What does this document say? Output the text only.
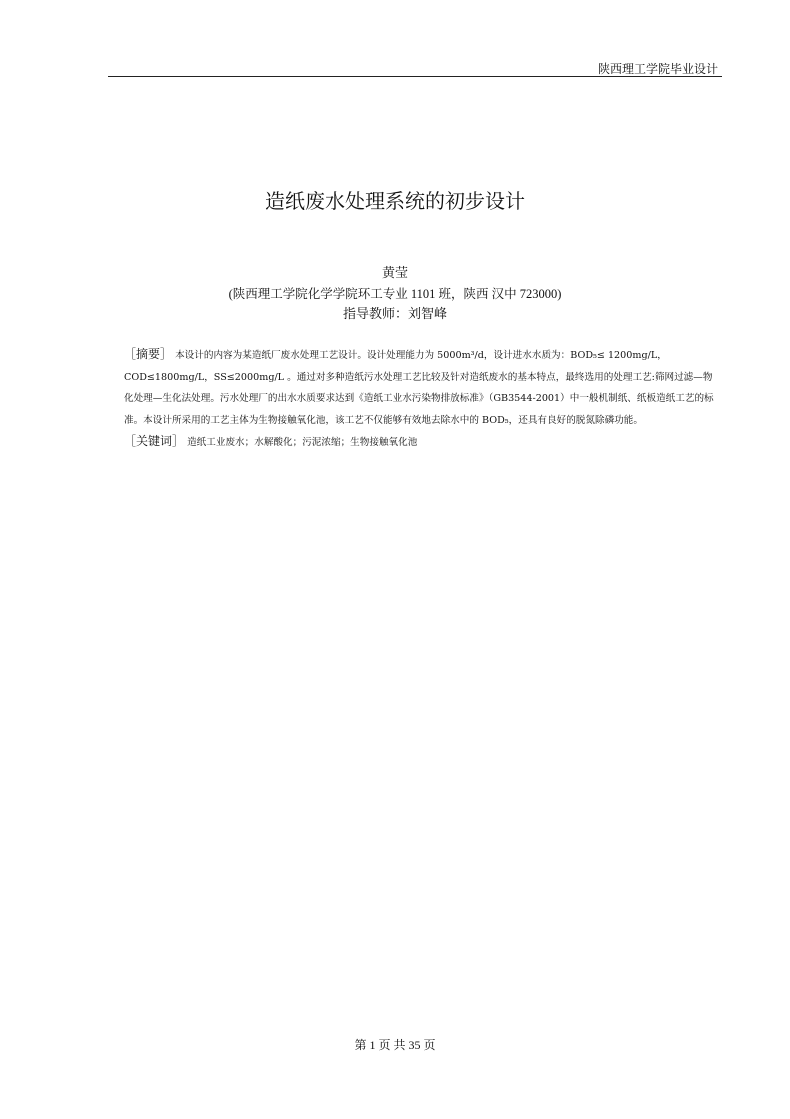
陕西理工学院毕业设计
造纸废水处理系统的初步设计
黄莹
(陕西理工学院化学学院环工专业 1101 班，陕西 汉中 723000)
指导教师：刘智峰

［摘要］ 本设计的内容为某造纸厂废水处理工艺设计。设计处理能力为 5000m³/d，设计进水水质为：BOD₅≤ 1200mg/L，COD≤1800mg/L，SS≤2000mg/L 。通过对多种造纸污水处理工艺比较及针对造纸废水的基本特点，最终选用的处理工艺:筛网过滤—物化处理—生化法处理。污水处理厂的出水水质要求达到《造纸工业水污染物排放标准》（GB3544-2001）中一般机制纸、纸板造纸工艺的标准。本设计所采用的工艺主体为生物接触氧化池，该工艺不仅能够有效地去除水中的 BOD₅，还具有良好的脱氮除磷功能。

［关键词］ 造纸工业废水；水解酸化；污泥浓缩；生物接触氧化池

第 1 页 共 35 页
